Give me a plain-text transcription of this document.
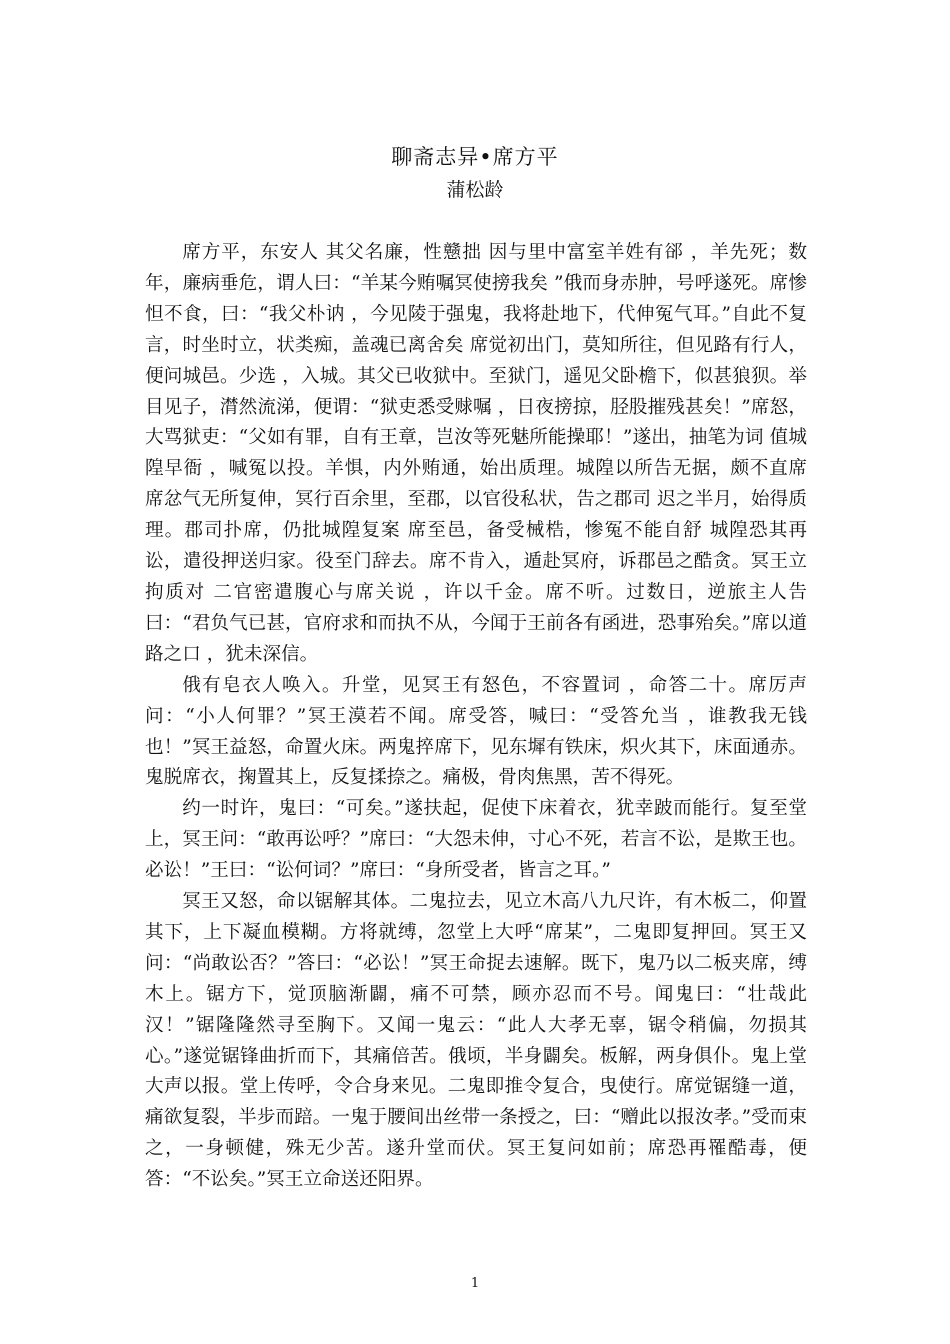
聊斋志异•席方平
蒲松龄

席方平，东安人 其父名廉，性戆拙 因与里中富室羊姓有郤 ，羊先死；数年，廉病垂危，谓人曰：“羊某今贿嘱冥使搒我矣 ”俄而身赤肿，号呼遂死。席惨怛不食，曰：“我父朴讷 ，今见陵于强鬼，我将赴地下，代伸冤气耳。”自此不复言，时坐时立，状类痴，盖魂已离舍矣 席觉初出门，莫知所往，但见路有行人，便问城邑。少选 ，入城。其父已收狱中。至狱门，遥见父卧檐下，似甚狼狈。举目见子，潸然流涕，便谓：“狱吏悉受赇嘱 ，日夜搒掠，胫股摧残甚矣！”席怒，大骂狱吏：“父如有罪，自有王章，岂汝等死魅所能操耶！”遂出，抽笔为词 值城隍早衙 ，喊冤以投。羊惧，内外贿通，始出质理。城隍以所告无据，颇不直席 席忿气无所复伸，冥行百余里，至郡，以官役私状，告之郡司 迟之半月，始得质理。郡司扑席，仍批城隍复案 席至邑，备受械梏，惨冤不能自舒 城隍恐其再讼，遣役押送归家。役至门辞去。席不肯入，遁赴冥府，诉郡邑之酷贪。冥王立拘质对 二官密遣腹心与席关说 ，许以千金。席不听。过数日，逆旅主人告曰：“君负气已甚，官府求和而执不从，今闻于王前各有函进，恐事殆矣。”席以道路之口 ，犹未深信。

俄有皂衣人唤入。升堂，见冥王有怒色，不容置词 ，命答二十。席厉声问：“小人何罪？”冥王漠若不闻。席受答，喊曰：“受答允当 ，谁教我无钱也！”冥王益怒，命置火床。两鬼捽席下，见东墀有铁床，炽火其下，床面通赤。鬼脱席衣，掬置其上，反复揉捺之。痛极，骨肉焦黑，苦不得死。

约一时许，鬼曰：“可矣。”遂扶起，促使下床着衣，犹幸跛而能行。复至堂上，冥王问：“敢再讼呼？”席曰：“大怨未伸，寸心不死，若言不讼，是欺王也。必讼！”王曰：“讼何词？”席曰：“身所受者，皆言之耳。”

冥王又怒，命以锯解其体。二鬼拉去，见立木高八九尺许，有木板二，仰置其下，上下凝血模糊。方将就缚，忽堂上大呼“席某”，二鬼即复押回。冥王又问：“尚敢讼否？”答曰：“必讼！”冥王命捉去速解。既下，鬼乃以二板夹席，缚木上。锯方下，觉顶脑渐闢，痛不可禁，顾亦忍而不号。闻鬼曰：“壮哉此汉！”锯隆隆然寻至胸下。又闻一鬼云：“此人大孝无辜，锯令稍偏，勿损其心。”遂觉锯锋曲折而下，其痛倍苦。俄顷，半身闢矣。板解，两身俱仆。鬼上堂大声以报。堂上传呼，令合身来见。二鬼即推令复合，曳使行。席觉锯缝一道，痛欲复裂，半步而踣。一鬼于腰间出丝带一条授之，曰：“赠此以报汝孝。”受而束之，一身顿健，殊无少苦。遂升堂而伏。冥王复问如前；席恐再罹酷毒，便答：“不讼矣。”冥王立命送还阳界。

1
